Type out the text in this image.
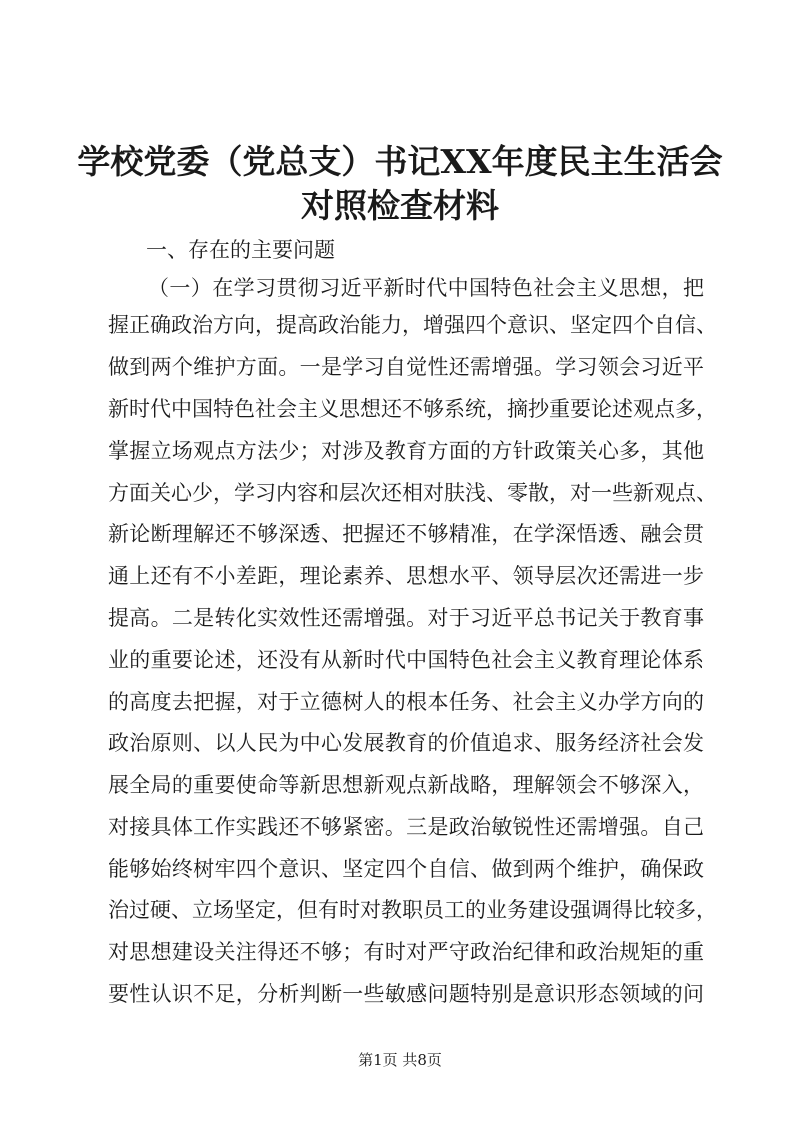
学校党委（党总支）书记XX年度民主生活会
对照检查材料
一、存在的主要问题
（一）在学习贯彻习近平新时代中国特色社会主义思想，把
握正确政治方向，提高政治能力，增强四个意识、坚定四个自信、
做到两个维护方面。一是学习自觉性还需增强。学习领会习近平
新时代中国特色社会主义思想还不够系统，摘抄重要论述观点多，
掌握立场观点方法少；对涉及教育方面的方针政策关心多，其他
方面关心少，学习内容和层次还相对肤浅、零散，对一些新观点、
新论断理解还不够深透、把握还不够精准，在学深悟透、融会贯
通上还有不小差距，理论素养、思想水平、领导层次还需进一步
提高。二是转化实效性还需增强。对于习近平总书记关于教育事
业的重要论述，还没有从新时代中国特色社会主义教育理论体系
的高度去把握，对于立德树人的根本任务、社会主义办学方向的
政治原则、以人民为中心发展教育的价值追求、服务经济社会发
展全局的重要使命等新思想新观点新战略，理解领会不够深入，
对接具体工作实践还不够紧密。三是政治敏锐性还需增强。自己
能够始终树牢四个意识、坚定四个自信、做到两个维护，确保政
治过硬、立场坚定，但有时对教职员工的业务建设强调得比较多，
对思想建设关注得还不够；有时对严守政治纪律和政治规矩的重
要性认识不足，分析判断一些敏感问题特别是意识形态领域的问
第1页 共8页
